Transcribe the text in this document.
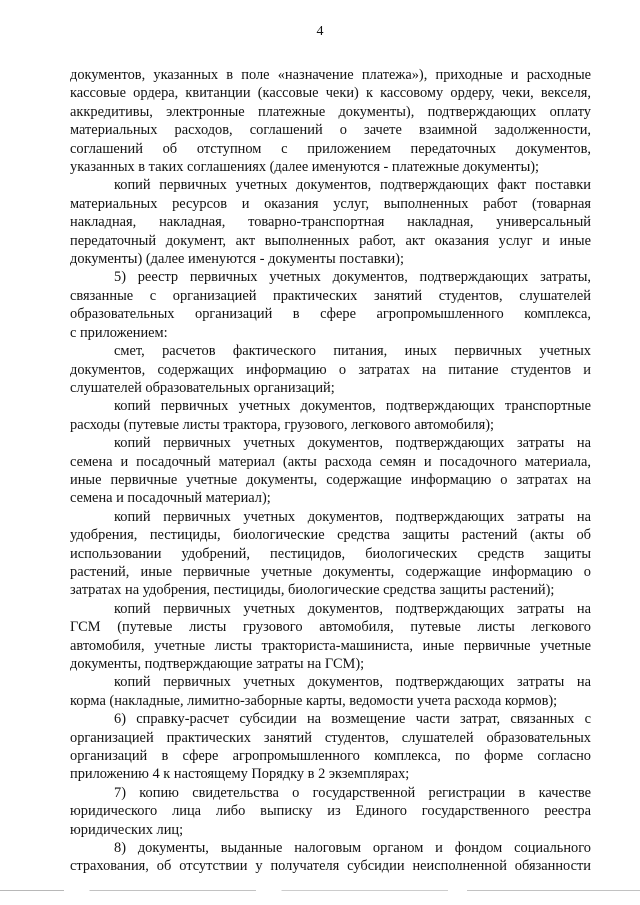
4

документов, указанных в поле «назначение платежа»), приходные и расходные

кассовые ордера, квитанции (кассовые чеки) к кассовому ордеру, чеки, векселя,

аккредитивы, электронные платежные документы), подтверждающих оплату

материальных расходов, соглашений о зачете взаимной задолженности,

соглашений об отступном с приложением передаточных документов,

указанных в таких соглашениях (далее именуются - платежные документы);

копий первичных учетных документов, подтверждающих факт поставки

материальных ресурсов и оказания услуг, выполненных работ (товарная

накладная, накладная, товарно-транспортная накладная, универсальный

передаточный документ, акт выполненных работ, акт оказания услуг и иные

документы) (далее именуются - документы поставки);

5) реестр первичных учетных документов, подтверждающих затраты,

связанные с организацией практических занятий студентов, слушателей

образовательных организаций в сфере агропромышленного комплекса,

с приложением:

смет, расчетов фактического питания, иных первичных учетных

документов, содержащих информацию о затратах на питание студентов и

слушателей образовательных организаций;

копий первичных учетных документов, подтверждающих транспортные

расходы (путевые листы трактора, грузового, легкового автомобиля);

копий первичных учетных документов, подтверждающих затраты на

семена и посадочный материал (акты расхода семян и посадочного материала,

иные первичные учетные документы, содержащие информацию о затратах на

семена и посадочный материал);

копий первичных учетных документов, подтверждающих затраты на

удобрения, пестициды, биологические средства защиты растений (акты об

использовании удобрений, пестицидов, биологических средств защиты

растений, иные первичные учетные документы, содержащие информацию о

затратах на удобрения, пестициды, биологические средства защиты растений);

копий первичных учетных документов, подтверждающих затраты на

ГСМ (путевые листы грузового автомобиля, путевые листы легкового

автомобиля, учетные листы тракториста-машиниста, иные первичные учетные

документы, подтверждающие затраты на ГСМ);

копий первичных учетных документов, подтверждающих затраты на

корма (накладные, лимитно-заборные карты, ведомости учета расхода кормов);

6) справку-расчет субсидии на возмещение части затрат, связанных с

организацией практических занятий студентов, слушателей образовательных

организаций в сфере агропромышленного комплекса, по форме согласно

приложению 4 к настоящему Порядку в 2 экземплярах;

7) копию свидетельства о государственной регистрации в качестве

юридического лица либо выписку из Единого государственного реестра

юридических лиц;

8) документы, выданные налоговым органом и фондом социального

страхования, об отсутствии у получателя субсидии неисполненной обязанности
